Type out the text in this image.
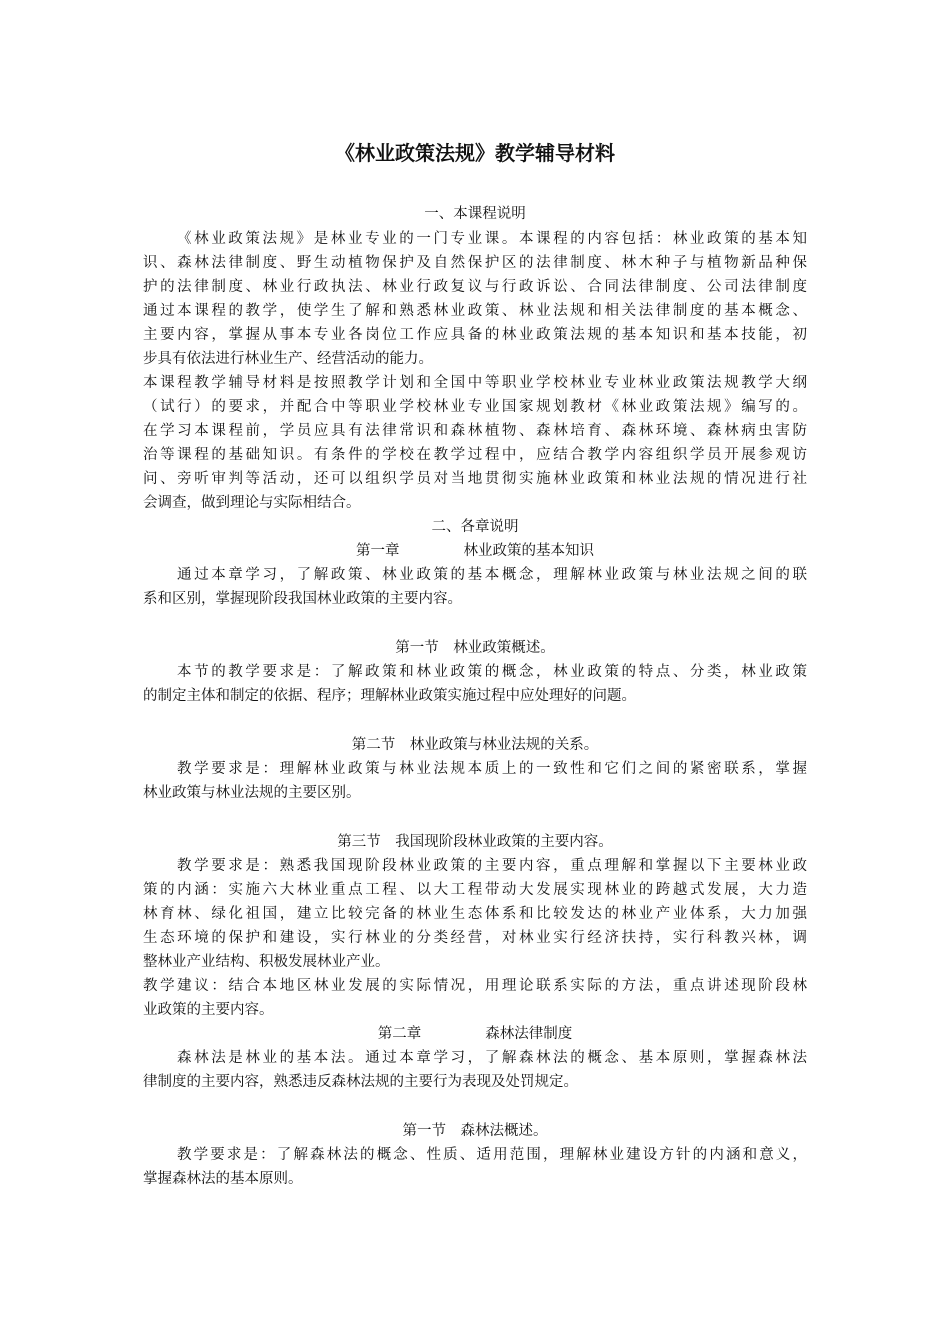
《林业政策法规》教学辅导材料

一、本课程说明

《林业政策法规》是林业专业的一门专业课。本课程的内容包括：林业政策的基本知

识、森林法律制度、野生动植物保护及自然保护区的法律制度、林木种子与植物新品种保

护的法律制度、林业行政执法、林业行政复议与行政诉讼、合同法律制度、公司法律制度

通过本课程的教学，使学生了解和熟悉林业政策、林业法规和相关法律制度的基本概念、

主要内容，掌握从事本专业各岗位工作应具备的林业政策法规的基本知识和基本技能，初

步具有依法进行林业生产、经营活动的能力。

本课程教学辅导材料是按照教学计划和全国中等职业学校林业专业林业政策法规教学大纲

（试行）的要求，并配合中等职业学校林业专业国家规划教材《林业政策法规》编写的。

在学习本课程前，学员应具有法律常识和森林植物、森林培育、森林环境、森林病虫害防

治等课程的基础知识。有条件的学校在教学过程中，应结合教学内容组织学员开展参观访

问、旁听审判等活动，还可以组织学员对当地贯彻实施林业政策和林业法规的情况进行社

会调查，做到理论与实际相结合。

二、各章说明

第一章	林业政策的基本知识

通过本章学习，了解政策、林业政策的基本概念，理解林业政策与林业法规之间的联

系和区别，掌握现阶段我国林业政策的主要内容。

第一节　林业政策概述。

本节的教学要求是：了解政策和林业政策的概念，林业政策的特点、分类，林业政策

的制定主体和制定的依据、程序；理解林业政策实施过程中应处理好的问题。

第二节　林业政策与林业法规的关系。

教学要求是：理解林业政策与林业法规本质上的一致性和它们之间的紧密联系，掌握

林业政策与林业法规的主要区别。

第三节　我国现阶段林业政策的主要内容。

教学要求是：熟悉我国现阶段林业政策的主要内容，重点理解和掌握以下主要林业政

策的内涵：实施六大林业重点工程、以大工程带动大发展实现林业的跨越式发展，大力造

林育林、绿化祖国，建立比较完备的林业生态体系和比较发达的林业产业体系，大力加强

生态环境的保护和建设，实行林业的分类经营，对林业实行经济扶持，实行科教兴林，调

整林业产业结构、积极发展林业产业。

教学建议：结合本地区林业发展的实际情况，用理论联系实际的方法，重点讲述现阶段林

业政策的主要内容。

第二章	森林法律制度

森林法是林业的基本法。通过本章学习，了解森林法的概念、基本原则，掌握森林法

律制度的主要内容，熟悉违反森林法规的主要行为表现及处罚规定。

第一节　森林法概述。

教学要求是：了解森林法的概念、性质、适用范围，理解林业建设方针的内涵和意义，

掌握森林法的基本原则。
